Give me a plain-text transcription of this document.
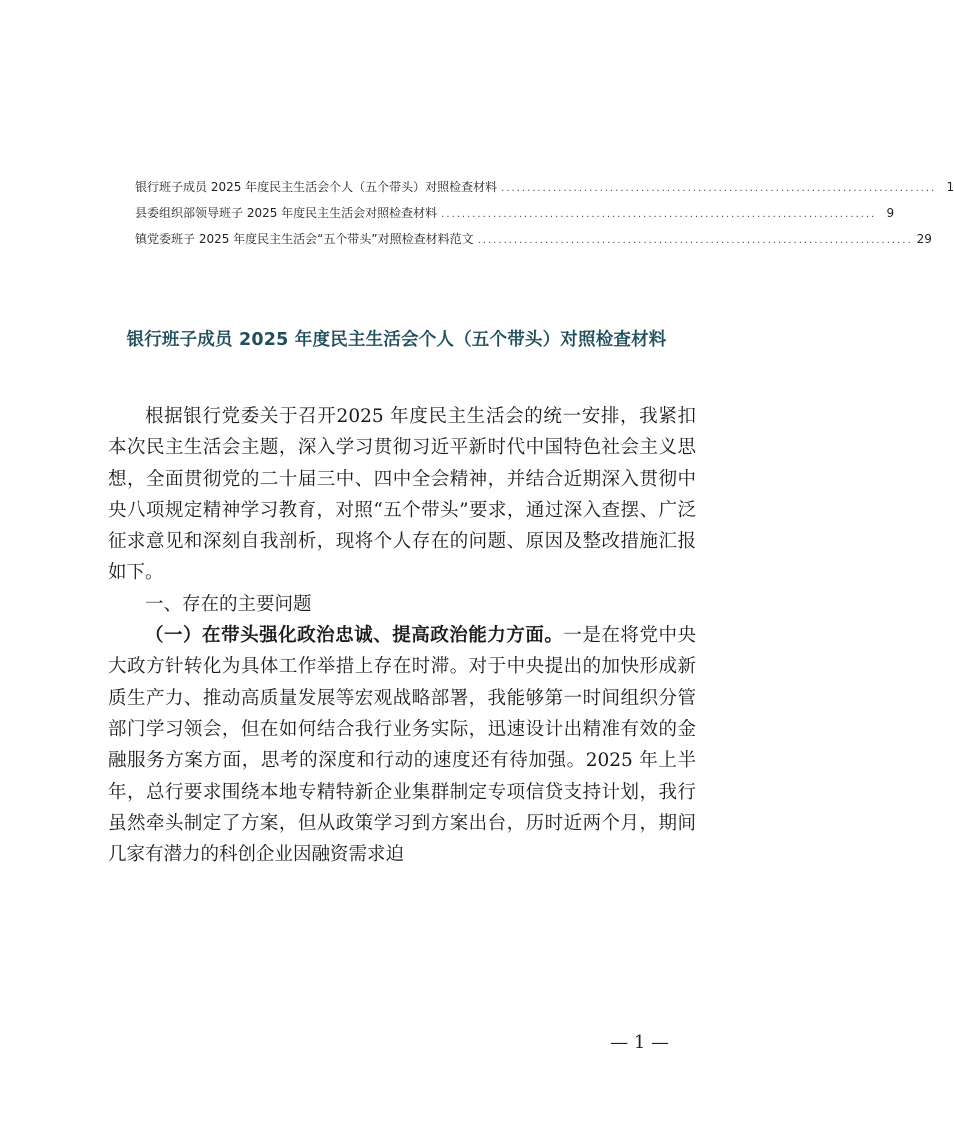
银行班子成员 2025 年度民主生活会个人（五个带头）对照检查材料 .................................................................................... 1
县委组织部领导班子 2025 年度民主生活会对照检查材料 .................................................................................... 9
镇党委班子 2025 年度民主生活会“五个带头”对照检查材料范文 .................................................................................... 29
银行班子成员 2025 年度民主生活会个人（五个带头）对照检查材料

根据银行党委关于召开2025 年度民主生活会的统一安排，我紧扣本次民主生活会主题，深入学习贯彻习近平新时代中国特色社会主义思想，全面贯彻党的二十届三中、四中全会精神，并结合近期深入贯彻中央八项规定精神学习教育，对照“五个带头”要求，通过深入查摆、广泛征求意见和深刻自我剖析，现将个人存在的问题、原因及整改措施汇报如下。

一、存在的主要问题

（一）在带头强化政治忠诚、提高政治能力方面。一是在将党中央大政方针转化为具体工作举措上存在时滞。对于中央提出的加快形成新质生产力、推动高质量发展等宏观战略部署，我能够第一时间组织分管部门学习领会，但在如何结合我行业务实际，迅速设计出精准有效的金融服务方案方面，思考的深度和行动的速度还有待加强。2025 年上半年，总行要求围绕本地专精特新企业集群制定专项信贷支持计划，我行虽然牵头制定了方案，但从政策学习到方案出台，历时近两个月，期间几家有潜力的科创企业因融资需求迫

— 1 —
